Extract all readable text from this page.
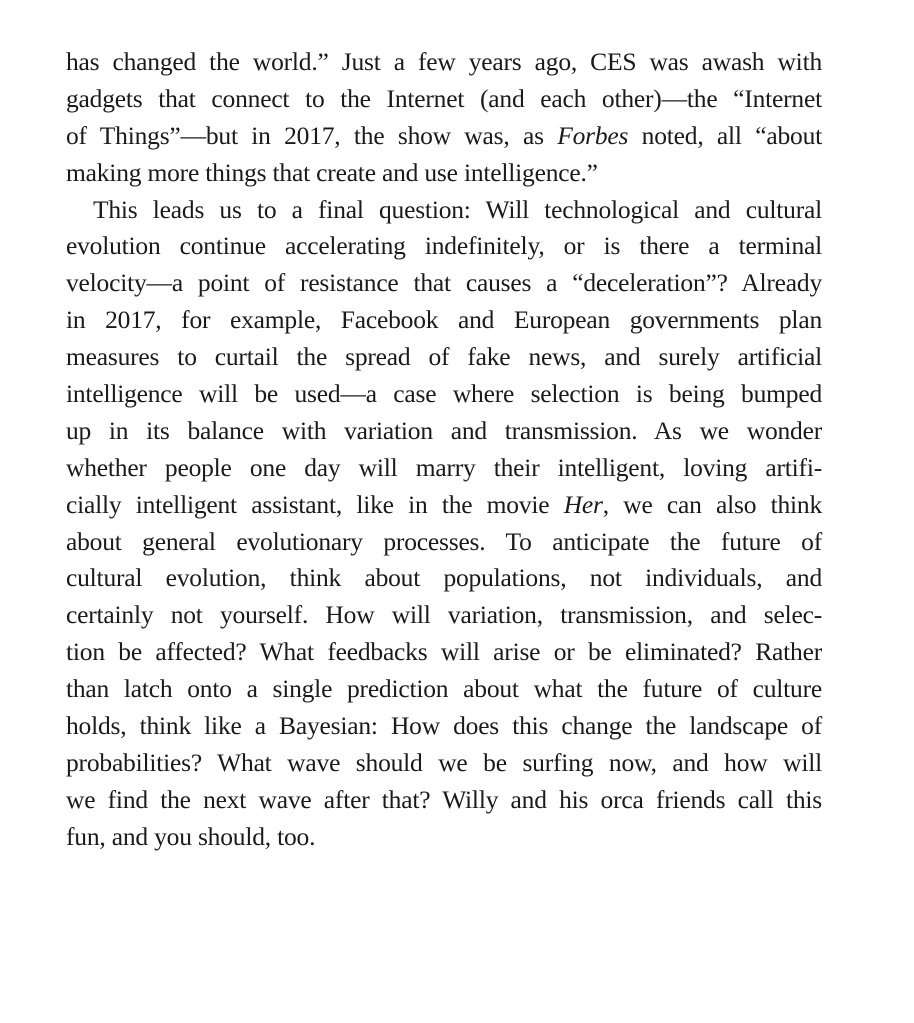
has changed the world.” Just a few years ago, CES was awash with
gadgets that connect to the Internet (and each other)—the “Internet
of Things”—but in 2017, the show was, as Forbes noted, all “about
making more things that create and use intelligence.”
This leads us to a final question: Will technological and cultural
evolution continue accelerating indefinitely, or is there a terminal
velocity—a point of resistance that causes a “deceleration”? Already
in 2017, for example, Facebook and European governments plan
measures to curtail the spread of fake news, and surely artificial
intelligence will be used—a case where selection is being bumped
up in its balance with variation and transmission. As we wonder
whether people one day will marry their intelligent, loving artifi-
cially intelligent assistant, like in the movie Her, we can also think
about general evolutionary processes. To anticipate the future of
cultural evolution, think about populations, not individuals, and
certainly not yourself. How will variation, transmission, and selec-
tion be affected? What feedbacks will arise or be eliminated? Rather
than latch onto a single prediction about what the future of culture
holds, think like a Bayesian: How does this change the landscape of
probabilities? What wave should we be surfing now, and how will
we find the next wave after that? Willy and his orca friends call this
fun, and you should, too.
